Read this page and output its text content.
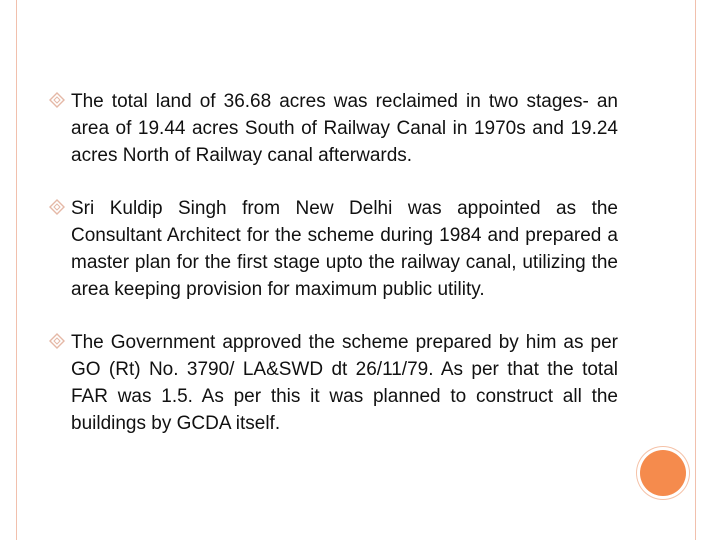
The total land of 36.68 acres was reclaimed in two stages- an area of 19.44 acres South of Railway Canal in 1970s and 19.24 acres North of Railway canal afterwards.
Sri Kuldip Singh from New Delhi was appointed as the Consultant Architect for the scheme during 1984 and prepared a master plan for the first stage upto the railway canal, utilizing the area keeping provision for maximum public utility.
The Government approved the scheme prepared by him as per GO (Rt) No. 3790/ LA&SWD dt 26/11/79. As per that the total FAR was 1.5. As per this it was planned to construct all the buildings by GCDA itself.
